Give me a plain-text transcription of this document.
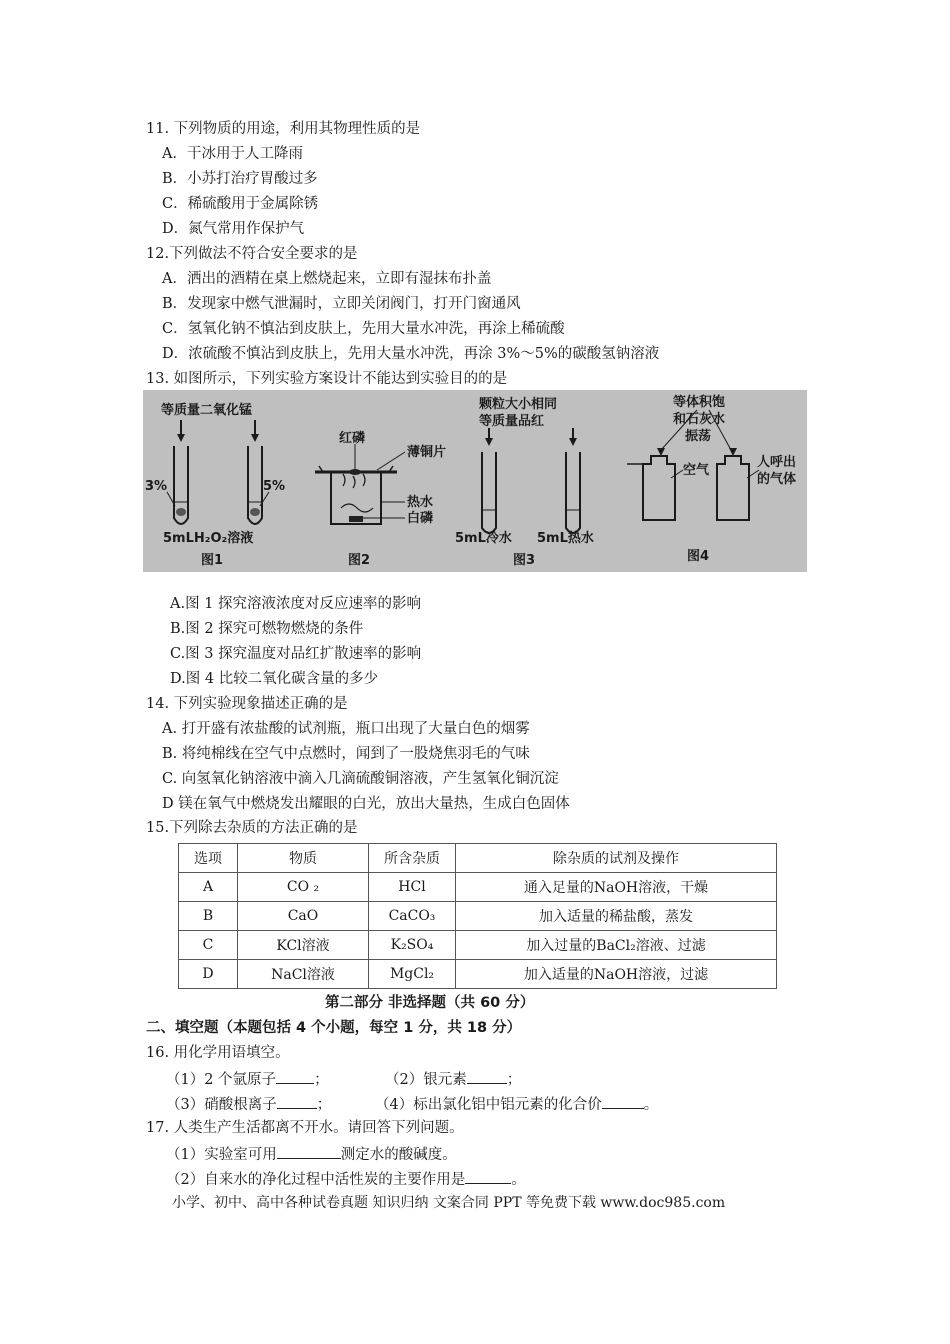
11. 下列物质的用途，利用其物理性质的是
A．干冰用于人工降雨
B．小苏打治疗胃酸过多
C．稀硫酸用于金属除锈
D．氮气常用作保护气
12.下列做法不符合安全要求的是
A．洒出的酒精在桌上燃烧起来，立即有湿抹布扑盖
B．发现家中燃气泄漏时，立即关闭阀门，打开门窗通风
C．氢氧化钠不慎沾到皮肤上，先用大量水冲洗，再涂上稀硫酸
D．浓硫酸不慎沾到皮肤上，先用大量水冲洗，再涂 3%～5%的碳酸氢钠溶液
13. 如图所示，下列实验方案设计不能达到实验目的的是
等质量二氧化锰
3%	5%
5mLH₂O₂溶液
图1
红磷
薄铜片
热水
白磷
图2
颗粒大小相同
等质量品红
5mL冷水 5mL热水
图3
等体积饱
和石灰水
振荡
空气
人呼出
的气体
图4
A.图 1 探究溶液浓度对反应速率的影响
B.图 2 探究可燃物燃烧的条件
C.图 3 探究温度对品红扩散速率的影响
D.图 4 比较二氧化碳含量的多少
14. 下列实验现象描述正确的是
A. 打开盛有浓盐酸的试剂瓶，瓶口出现了大量白色的烟雾
B. 将纯棉线在空气中点燃时，闻到了一股烧焦羽毛的气味
C. 向氢氧化钠溶液中滴入几滴硫酸铜溶液，产生氢氧化铜沉淀
D 镁在氧气中燃烧发出耀眼的白光，放出大量热，生成白色固体
15.下列除去杂质的方法正确的是
选项	物质	所含杂质	除杂质的试剂及操作
A	CO ₂	HCl	通入足量的NaOH溶液，干燥
B	CaO	CaCO₃	加入适量的稀盐酸，蒸发
C	KCl溶液	K₂SO₄	加入过量的BaCl₂溶液、过滤
D	NaCl溶液	MgCl₂	加入适量的NaOH溶液，过滤
第二部分 非选择题（共 60 分）
二、填空题（本题包括 4 个小题，每空 1 分，共 18 分）
16. 用化学用语填空。
（1）2 个氩原子	；	（2）银元素	；
（3）硝酸根离子	；	（4）标出氯化铝中铝元素的化合价	。
17. 人类生产生活都离不开水。请回答下列问题。
（1）实验室可用	测定水的酸碱度。
（2）自来水的净化过程中活性炭的主要作用是	。
小学、初中、高中各种试卷真题 知识归纳 文案合同 PPT 等免费下载 www.doc985.com
